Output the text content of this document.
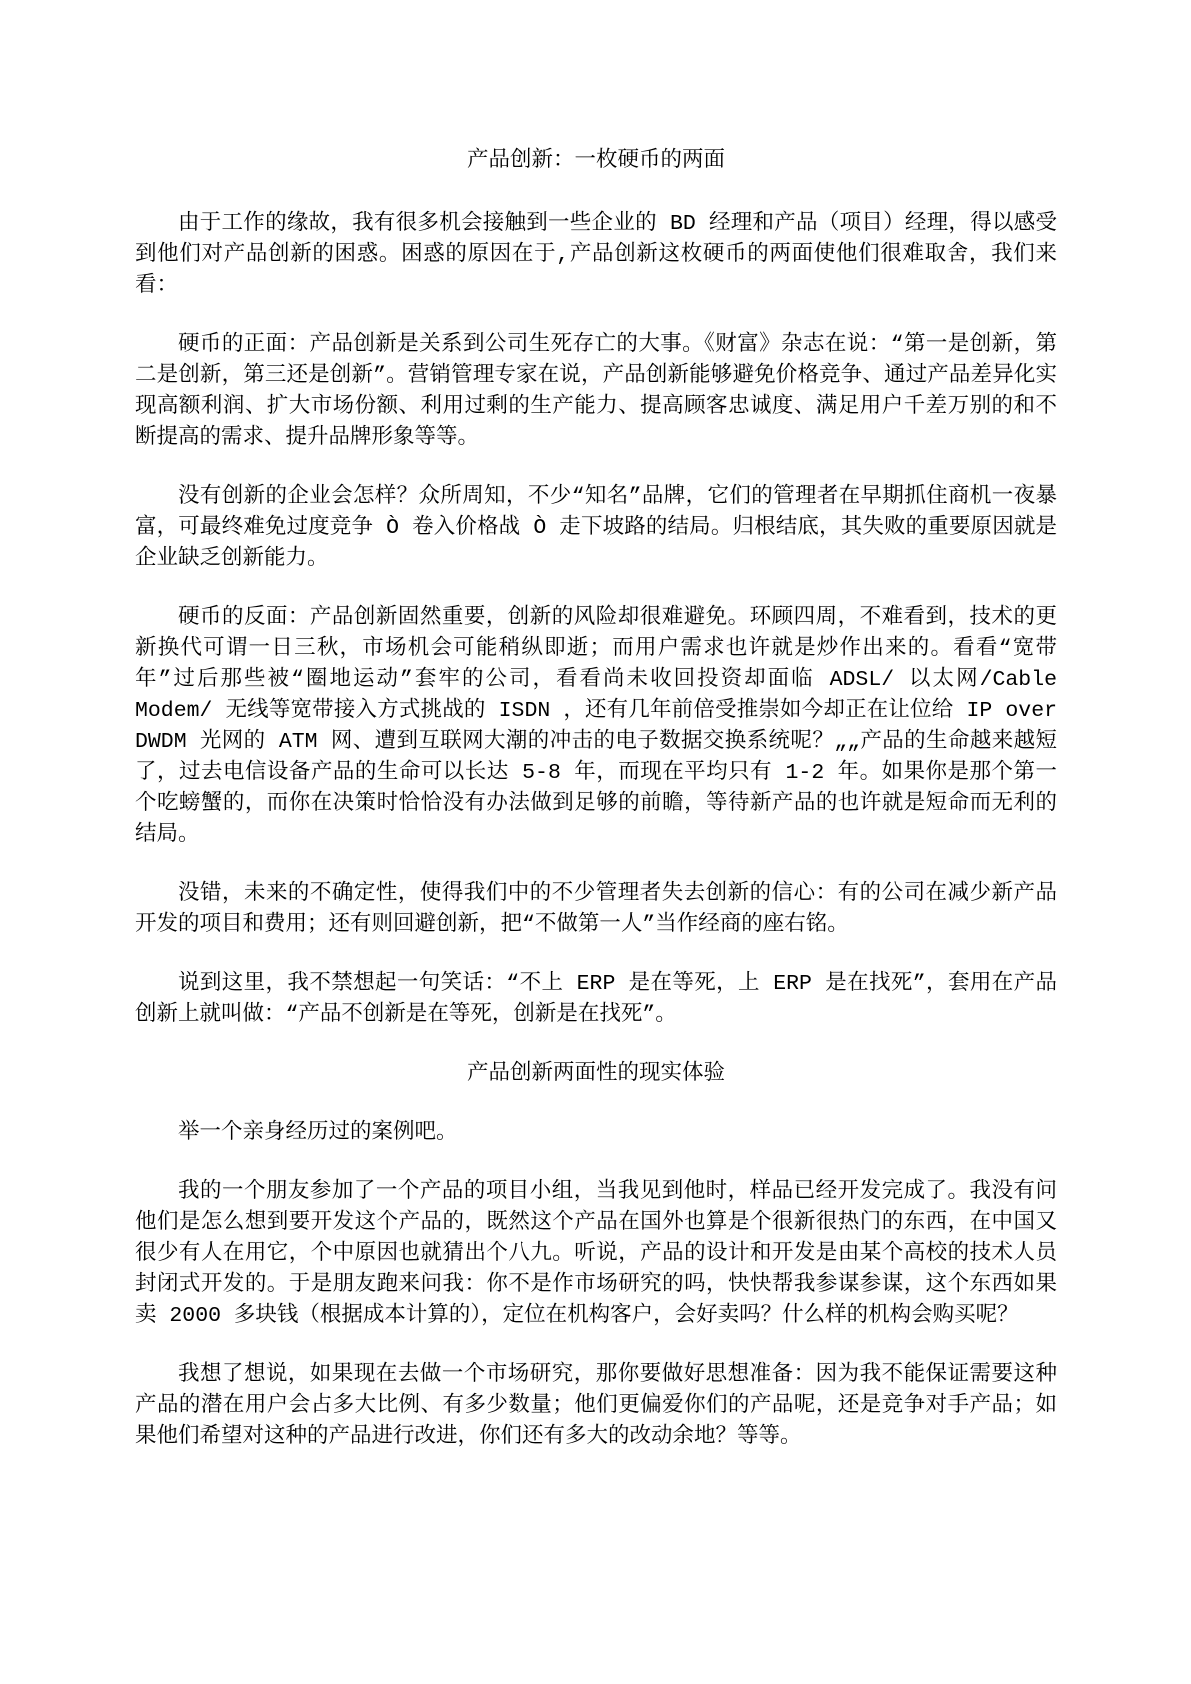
产品创新：一枚硬币的两面

由于工作的缘故，我有很多机会接触到一些企业的 BD 经理和产品（项目）经理，得以感受到他们对产品创新的困惑。困惑的原因在于,产品创新这枚硬币的两面使他们很难取舍，我们来看：

硬币的正面：产品创新是关系到公司生死存亡的大事。《财富》杂志在说：“第一是创新，第二是创新，第三还是创新”。营销管理专家在说，产品创新能够避免价格竞争、通过产品差异化实现高额利润、扩大市场份额、利用过剩的生产能力、提高顾客忠诚度、满足用户千差万别的和不断提高的需求、提升品牌形象等等。

没有创新的企业会怎样？众所周知，不少“知名”品牌，它们的管理者在早期抓住商机一夜暴富，可最终难免过度竞争 Ò 卷入价格战 Ò 走下坡路的结局。归根结底，其失败的重要原因就是企业缺乏创新能力。

硬币的反面：产品创新固然重要，创新的风险却很难避免。环顾四周，不难看到，技术的更新换代可谓一日三秋，市场机会可能稍纵即逝；而用户需求也许就是炒作出来的。看看“宽带年”过后那些被“圈地运动”套牢的公司，看看尚未收回投资却面临 ADSL/ 以太网/Cable Modem/ 无线等宽带接入方式挑战的 ISDN ，还有几年前倍受推崇如今却正在让位给 IP over DWDM 光网的 ATM 网、遭到互联网大潮的冲击的电子数据交换系统呢？„„产品的生命越来越短了，过去电信设备产品的生命可以长达 5-8 年，而现在平均只有 1-2 年。如果你是那个第一个吃螃蟹的，而你在决策时恰恰没有办法做到足够的前瞻，等待新产品的也许就是短命而无利的结局。

没错，未来的不确定性，使得我们中的不少管理者失去创新的信心：有的公司在减少新产品开发的项目和费用；还有则回避创新，把“不做第一人”当作经商的座右铭。

说到这里，我不禁想起一句笑话：“不上 ERP 是在等死，上 ERP 是在找死”，套用在产品创新上就叫做：“产品不创新是在等死，创新是在找死”。

产品创新两面性的现实体验

举一个亲身经历过的案例吧。

我的一个朋友参加了一个产品的项目小组，当我见到他时，样品已经开发完成了。我没有问他们是怎么想到要开发这个产品的，既然这个产品在国外也算是个很新很热门的东西，在中国又很少有人在用它，个中原因也就猜出个八九。听说，产品的设计和开发是由某个高校的技术人员封闭式开发的。于是朋友跑来问我：你不是作市场研究的吗，快快帮我参谋参谋，这个东西如果卖 2000 多块钱（根据成本计算的），定位在机构客户，会好卖吗？什么样的机构会购买呢？

我想了想说，如果现在去做一个市场研究，那你要做好思想准备：因为我不能保证需要这种产品的潜在用户会占多大比例、有多少数量；他们更偏爱你们的产品呢，还是竞争对手产品；如果他们希望对这种的产品进行改进，你们还有多大的改动余地？等等。
